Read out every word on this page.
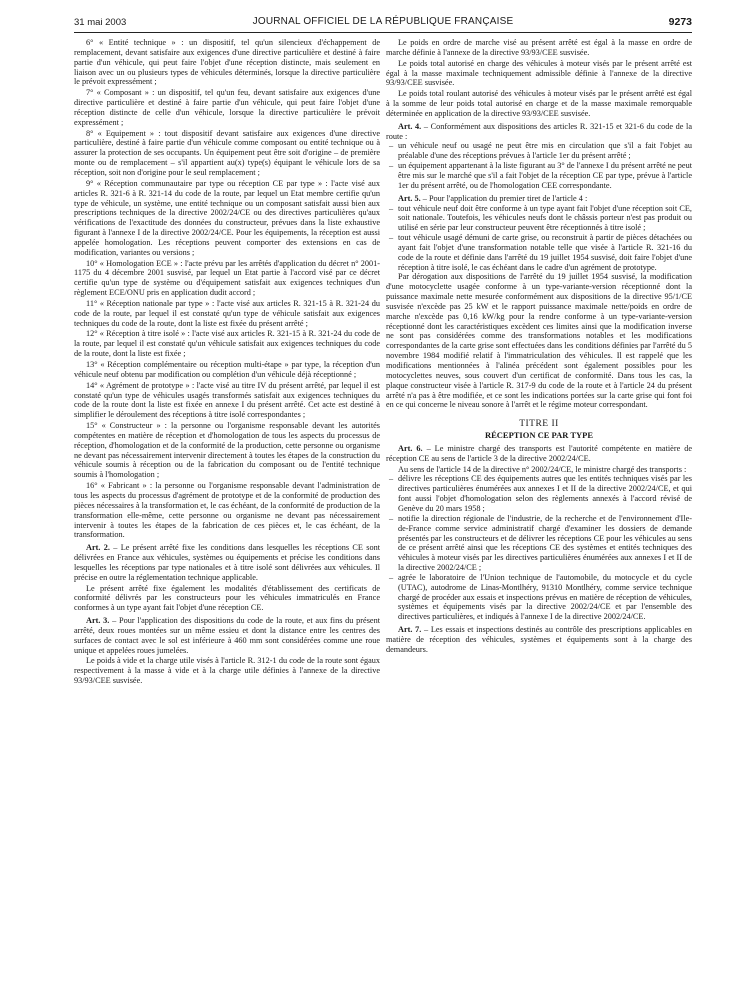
31 mai 2003	JOURNAL OFFICIEL DE LA RÉPUBLIQUE FRANÇAISE	9273

6° « Entité technique » : un dispositif, tel qu'un silencieux d'échappement de remplacement, devant satisfaire aux exigences d'une directive particulière et destiné à faire partie d'un véhicule, qui peut faire l'objet d'une réception distincte, mais seulement en liaison avec un ou plusieurs types de véhicules déterminés, lorsque la directive particulière le prévoit expressément ;

7° « Composant » : un dispositif, tel qu'un feu, devant satisfaire aux exigences d'une directive particulière et destiné à faire partie d'un véhicule, qui peut faire l'objet d'une réception distincte de celle d'un véhicule, lorsque la directive particulière le prévoit expressément ;

8° « Equipement » : tout dispositif devant satisfaire aux exigences d'une directive particulière, destiné à faire partie d'un véhicule comme composant ou entité technique ou à assurer la protection de ses occupants. Un équipement peut être soit d'origine – de première monte ou de remplacement – s'il appartient au(x) type(s) équipant le véhicule lors de sa réception, soit non d'origine pour le seul remplacement ;

9° « Réception communautaire par type ou réception CE par type » : l'acte visé aux articles R. 321-6 à R. 321-14 du code de la route, par lequel un Etat membre certifie qu'un type de véhicule, un système, une entité technique ou un composant satisfait aussi bien aux prescriptions techniques de la directive 2002/24/CE ou des directives particulières qu'aux vérifications de l'exactitude des données du constructeur, prévues dans la liste exhaustive figurant à l'annexe I de la directive 2002/24/CE. Pour les équipements, la réception est aussi appelée homologation. Les réceptions peuvent comporter des extensions en cas de modification, variantes ou versions ;

10° « Homologation ECE » : l'acte prévu par les arrêtés d'application du décret n° 2001-1175 du 4 décembre 2001 susvisé, par lequel un Etat partie à l'accord visé par ce décret certifie qu'un type de système ou d'équipement satisfait aux exigences techniques d'un règlement ECE/ONU pris en application dudit accord ;

11° « Réception nationale par type » : l'acte visé aux articles R. 321-15 à R. 321-24 du code de la route, par lequel il est constaté qu'un type de véhicule satisfait aux exigences techniques du code de la route, dont la liste est fixée du présent arrêté ;

12° « Réception à titre isolé » : l'acte visé aux articles R. 321-15 à R. 321-24 du code de la route, par lequel il est constaté qu'un véhicule satisfait aux exigences techniques du code de la route, dont la liste est fixée ;

13° « Réception complémentaire ou réception multi-étape » par type, la réception d'un véhicule neuf obtenu par modification ou complétion d'un véhicule déjà réceptionné ;

14° « Agrément de prototype » : l'acte visé au titre IV du présent arrêté, par lequel il est constaté qu'un type de véhicules usagés transformés satisfait aux exigences techniques du code de la route dont la liste est fixée en annexe I du présent arrêté. Cet acte est destiné à simplifier le déroulement des réceptions à titre isolé correspondantes ;

15° « Constructeur » : la personne ou l'organisme responsable devant les autorités compétentes en matière de réception et d'homologation de tous les aspects du processus de réception, d'homologation et de la conformité de la production, cette personne ou organisme ne devant pas nécessairement intervenir directement à toutes les étapes de la construction du véhicule soumis à réception ou de la fabrication du composant ou de l'entité technique soumis à l'homologation ;

16° « Fabricant » : la personne ou l'organisme responsable devant l'administration de tous les aspects du processus d'agrément de prototype et de la conformité de production des pièces nécessaires à la transformation et, le cas échéant, de la conformité de production de la transformation elle-même, cette personne ou organisme ne devant pas nécessairement intervenir à toutes les étapes de la fabrication de ces pièces et, le cas échéant, de la transformation.

Art. 2. – Le présent arrêté fixe les conditions dans lesquelles les réceptions CE sont délivrées en France aux véhicules, systèmes ou équipements et précise les conditions dans lesquelles les réceptions par type nationales et à titre isolé sont délivrées aux véhicules. Il précise en outre la réglementation technique applicable.

Le présent arrêté fixe également les modalités d'établissement des certificats de conformité délivrés par les constructeurs pour les véhicules immatriculés en France conformes à un type ayant fait l'objet d'une réception CE.

Art. 3. – Pour l'application des dispositions du code de la route, et aux fins du présent arrêté, deux roues montées sur un même essieu et dont la distance entre les centres des surfaces de contact avec le sol est inférieure à 460 mm sont considérées comme une roue unique et appelées roues jumelées.

Le poids à vide et la charge utile visés à l'article R. 312-1 du code de la route sont égaux respectivement à la masse à vide et à la charge utile définies à l'annexe de la directive 93/93/CEE susvisée.

Le poids en ordre de marche visé au présent arrêté est égal à la masse en ordre de marche définie à l'annexe de la directive 93/93/CEE susvisée.

Le poids total autorisé en charge des véhicules à moteur visés par le présent arrêté est égal à la masse maximale techniquement admissible définie à l'annexe de la directive 93/93/CEE susvisée.

Le poids total roulant autorisé des véhicules à moteur visés par le présent arrêté est égal à la somme de leur poids total autorisé en charge et de la masse maximale remorquable déterminée en application de la directive 93/93/CEE susvisée.

Art. 4. – Conformément aux dispositions des articles R. 321-15 et 321-6 du code de la route :

– un véhicule neuf ou usagé ne peut être mis en circulation que s'il a fait l'objet au préalable d'une des réceptions prévues à l'article 1er du présent arrêté ;
– un équipement appartenant à la liste figurant au 3° de l'annexe I du présent arrêté ne peut être mis sur le marché que s'il a fait l'objet de la réception CE par type, prévue à l'article 1er du présent arrêté, ou de l'homologation CEE correspondante.

Art. 5. – Pour l'application du premier tiret de l'article 4 :

– tout véhicule neuf doit être conforme à un type ayant fait l'objet d'une réception soit CE, soit nationale. Toutefois, les véhicules neufs dont le châssis porteur n'est pas produit ou utilisé en série par leur constructeur peuvent être réceptionnés à titre isolé ;
– tout véhicule usagé démuni de carte grise, ou reconstruit à partir de pièces détachées ou ayant fait l'objet d'une transformation notable telle que visée à l'article R. 321-16 du code de la route et définie dans l'arrêté du 19 juillet 1954 susvisé, doit faire l'objet d'une réception à titre isolé, le cas échéant dans le cadre d'un agrément de prototype.

Par dérogation aux dispositions de l'arrêté du 19 juillet 1954 susvisé, la modification d'une motocyclette usagée conforme à un type-variante-version réceptionné dont la puissance maximale nette mesurée conformément aux dispositions de la directive 95/1/CE susvisée n'excède pas 25 kW et le rapport puissance maximale nette/poids en ordre de marche n'excède pas 0,16 kW/kg pour la rendre conforme à un type-variante-version réceptionné dont les caractéristiques excèdent ces limites ainsi que la modification inverse ne sont pas considérées comme des transformations notables et les modifications correspondantes de la carte grise sont effectuées dans les conditions définies par l'arrêté du 5 novembre 1984 modifié relatif à l'immatriculation des véhicules. Il est rappelé que les modifications mentionnées à l'alinéa précédent sont également possibles pour les motocyclettes neuves, sous couvert d'un certificat de conformité. Dans tous les cas, la plaque constructeur visée à l'article R. 317-9 du code de la route et à l'article 24 du présent arrêté n'a pas à être modifiée, et ce sont les indications portées sur la carte grise qui font foi en ce qui concerne le niveau sonore à l'arrêt et le régime moteur correspondant.

TITRE II

RÉCEPTION CE PAR TYPE

Art. 6. – Le ministre chargé des transports est l'autorité compétente en matière de réception CE au sens de l'article 3 de la directive 2002/24/CE.

Au sens de l'article 14 de la directive n° 2002/24/CE, le ministre chargé des transports :

– délivre les réceptions CE des équipements autres que les entités techniques visés par les directives particulières énumérées aux annexes I et II de la directive 2002/24/CE, et qui font aussi l'objet d'homologation selon des règlements annexés à l'accord révisé de Genève du 20 mars 1958 ;
– notifie la direction régionale de l'industrie, de la recherche et de l'environnement d'Ile-de-France comme service administratif chargé d'examiner les dossiers de demande présentés par les constructeurs et de délivrer les réceptions CE pour les véhicules au sens de ce présent arrêté ainsi que les réceptions CE des systèmes et entités techniques des véhicules à moteur visés par les directives particulières énumérées aux annexes I et II de la directive 2002/24/CE ;
– agrée le laboratoire de l'Union technique de l'automobile, du motocycle et du cycle (UTAC), autodrome de Linas-Montlhéry, 91310 Montlhéry, comme service technique chargé de procéder aux essais et inspections prévus en matière de réception de véhicules, systèmes et équipements visés par la directive 2002/24/CE et par l'ensemble des directives particulières, et indiqués à l'annexe I de la directive 2002/24/CE.

Art. 7. – Les essais et inspections destinés au contrôle des prescriptions applicables en matière de réception des véhicules, systèmes et équipements sont à la charge des demandeurs.
